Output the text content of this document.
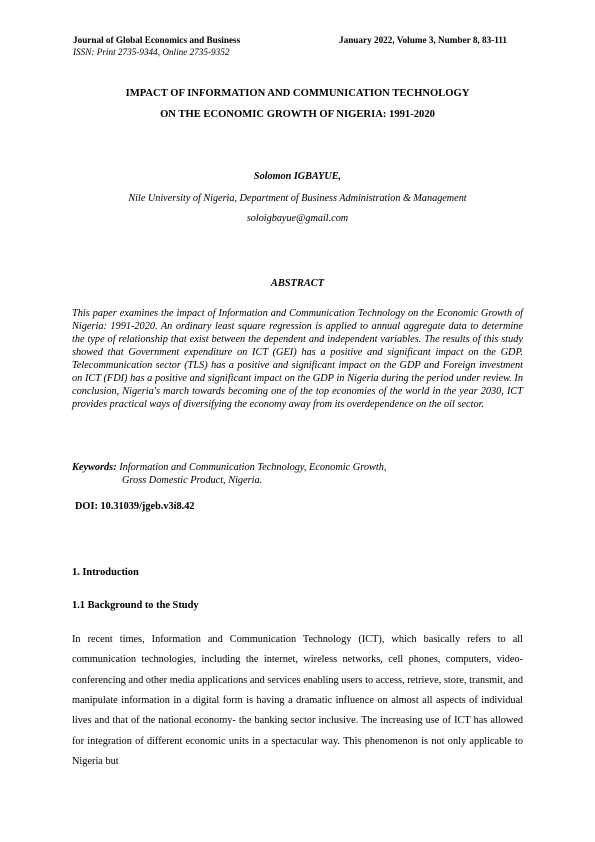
Journal of Global Economics and Business
ISSN: Print 2735-9344, Online 2735-9352
January 2022, Volume 3, Number 8, 83-111
IMPACT OF INFORMATION AND COMMUNICATION TECHNOLOGY
ON THE ECONOMIC GROWTH OF NIGERIA: 1991-2020
Solomon IGBAYUE,
Nile University of Nigeria, Department of Business Administration & Management
soloigbayue@gmail.com
ABSTRACT

This paper examines the impact of Information and Communication Technology on the Economic Growth of Nigeria: 1991-2020. An ordinary least square regression is applied to annual aggregate data to determine the type of relationship that exist between the dependent and independent variables. The results of this study showed that Government expenditure on ICT (GEI) has a positive and significant impact on the GDP. Telecommunication sector (TLS) has a positive and significant impact on the GDP and Foreign investment on ICT (FDI) has a positive and significant impact on the GDP in Nigeria during the period under review. In conclusion, Nigeria's march towards becoming one of the top economies of the world in the year 2030, ICT provides practical ways of diversifying the economy away from its overdependence on the oil sector.

Keywords: Information and Communication Technology, Economic Growth,
Gross Domestic Product, Nigeria.
DOI: 10.31039/jgeb.v3i8.42
1. Introduction
1.1 Background to the Study

In recent times, Information and Communication Technology (ICT), which basically refers to all communication technologies, including the internet, wireless networks, cell phones, computers, video-conferencing and other media applications and services enabling users to access, retrieve, store, transmit, and manipulate information in a digital form is having a dramatic influence on almost all aspects of individual lives and that of the national economy- the banking sector inclusive. The increasing use of ICT has allowed for integration of different economic units in a spectacular way. This phenomenon is not only applicable to Nigeria but
